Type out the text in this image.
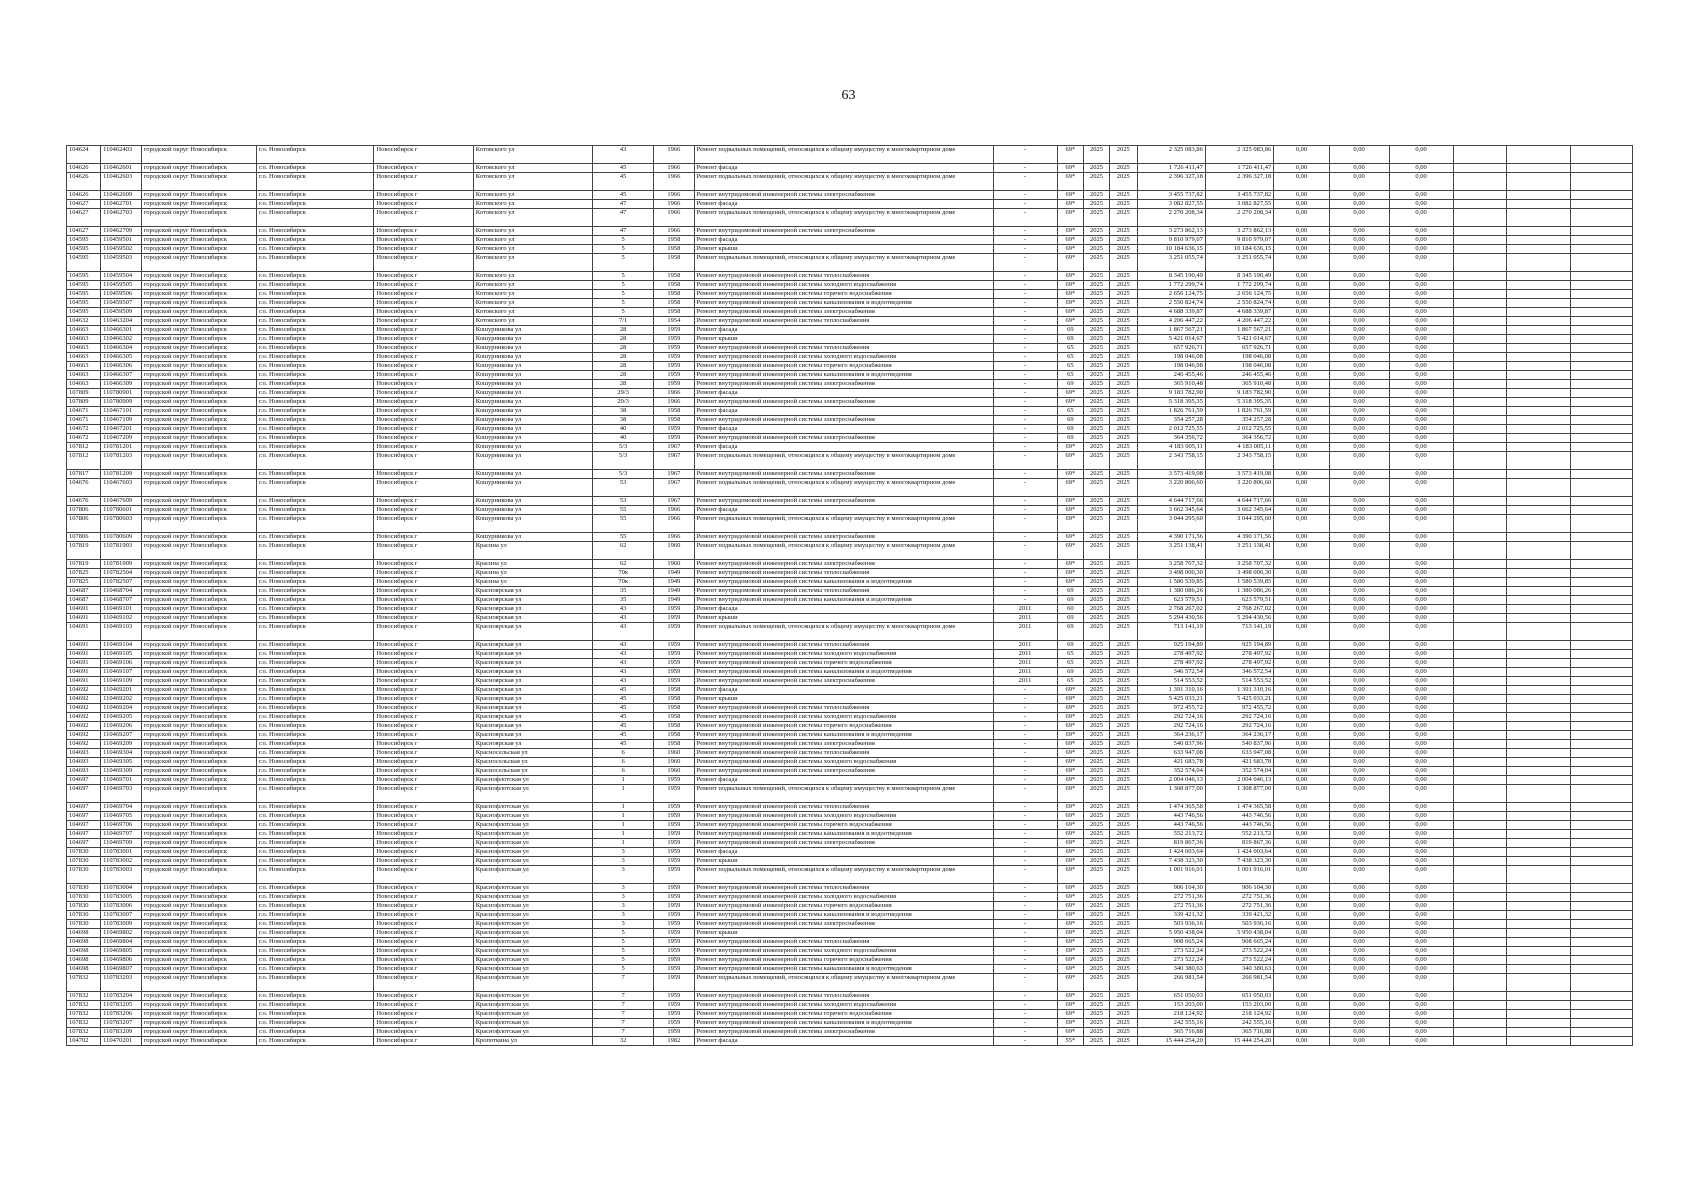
63
104624	110462403	городской округ Новосибирск	г.о. Новосибирск	Новосибирск г	Котовского ул	43	1966	Ремонт подвальных помещений, относящихся к общему имуществу в многоквартирном доме	-	69*	2025	2025	2 325 083,86	2 325 083,86	0,00	0,00	0,00			
104626	110462601	городской округ Новосибирск	г.о. Новосибирск	Новосибирск г	Котовского ул	45	1966	Ремонт фасада	-	69*	2025	2025	1 726 411,47	1 726 411,47	0,00	0,00	0,00			
104626	110462603	городской округ Новосибирск	г.о. Новосибирск	Новосибирск г	Котовского ул	45	1966	Ремонт подвальных помещений, относящихся к общему имуществу в многоквартирном доме	-	69*	2025	2025	2 396 327,18	2 396 327,18	0,00	0,00	0,00			
104626	110462609	городской округ Новосибирск	г.о. Новосибирск	Новосибирск г	Котовского ул	45	1966	Ремонт внутридомовой инженерной системы электроснабжения	-	69*	2025	2025	3 455 737,82	3 455 737,82	0,00	0,00	0,00			
104627	110462701	городской округ Новосибирск	г.о. Новосибирск	Новосибирск г	Котовского ул	47	1966	Ремонт фасада	-	69*	2025	2025	3 082 827,55	3 082 827,55	0,00	0,00	0,00			
104627	110462703	городской округ Новосибирск	г.о. Новосибирск	Новосибирск г	Котовского ул	47	1966	Ремонт подвальных помещений, относящихся к общему имуществу в многоквартирном доме	-	69*	2025	2025	2 270 208,34	2 270 208,34	0,00	0,00	0,00			
104627	110462709	городской округ Новосибирск	г.о. Новосибирск	Новосибирск г	Котовского ул	47	1966	Ремонт внутридомовой инженерной системы электроснабжения	-	69*	2025	2025	3 273 862,13	3 273 862,13	0,00	0,00	0,00			
104595	110459501	городской округ Новосибирск	г.о. Новосибирск	Новосибирск г	Котовского ул	5	1958	Ремонт фасада	-	69*	2025	2025	9 810 979,07	9 810 979,07	0,00	0,00	0,00			
104595	110459502	городской округ Новосибирск	г.о. Новосибирск	Новосибирск г	Котовского ул	5	1958	Ремонт крыши	-	69*	2025	2025	10 184 636,15	10 184 636,15	0,00	0,00	0,00			
104595	110459503	городской округ Новосибирск	г.о. Новосибирск	Новосибирск г	Котовского ул	5	1958	Ремонт подвальных помещений, относящихся к общему имуществу в многоквартирном доме	-	69*	2025	2025	3 251 055,74	3 251 055,74	0,00	0,00	0,00			
104595	110459504	городской округ Новосибирск	г.о. Новосибирск	Новосибирск г	Котовского ул	5	1958	Ремонт внутридомовой инженерной системы теплоснабжения	-	69*	2025	2025	8 345 190,49	8 345 190,49	0,00	0,00	0,00			
104595	110459505	городской округ Новосибирск	г.о. Новосибирск	Новосибирск г	Котовского ул	5	1958	Ремонт внутридомовой инженерной системы холодного водоснабжения	-	69*	2025	2025	1 772 299,74	1 772 299,74	0,00	0,00	0,00			
104595	110459506	городской округ Новосибирск	г.о. Новосибирск	Новосибирск г	Котовского ул	5	1958	Ремонт внутридомовой инженерной системы горячего водоснабжения	-	69*	2025	2025	2 656 124,75	2 656 124,75	0,00	0,00	0,00			
104595	110459507	городской округ Новосибирск	г.о. Новосибирск	Новосибирск г	Котовского ул	5	1958	Ремонт внутридомовой инженерной системы канализования и водоотведения	-	69*	2025	2025	2 550 824,74	2 550 824,74	0,00	0,00	0,00			
104595	110459509	городской округ Новосибирск	г.о. Новосибирск	Новосибирск г	Котовского ул	5	1958	Ремонт внутридомовой инженерной системы электроснабжения	-	69*	2025	2025	4 688 339,87	4 688 339,87	0,00	0,00	0,00			
104632	110463204	городской округ Новосибирск	г.о. Новосибирск	Новосибирск г	Котовского ул	7/1	1954	Ремонт внутридомовой инженерной системы теплоснабжения	-	69*	2025	2025	4 206 447,22	4 206 447,22	0,00	0,00	0,00			
104663	110466301	городской округ Новосибирск	г.о. Новосибирск	Новосибирск г	Кошурникова ул	28	1959	Ремонт фасада	-	69	2025	2025	1 867 567,21	1 867 567,21	0,00	0,00	0,00			
104663	110466302	городской округ Новосибирск	г.о. Новосибирск	Новосибирск г	Кошурникова ул	28	1959	Ремонт крыши	-	69	2025	2025	5 421 014,67	5 421 014,67	0,00	0,00	0,00			
104663	110466304	городской округ Новосибирск	г.о. Новосибирск	Новосибирск г	Кошурникова ул	28	1959	Ремонт внутридомовой инженерной системы теплоснабжения	-	65	2025	2025	657 926,71	657 926,71	0,00	0,00	0,00			
104663	110466305	городской округ Новосибирск	г.о. Новосибирск	Новосибирск г	Кошурникова ул	28	1959	Ремонт внутридомовой инженерной системы холодного водоснабжения	-	65	2025	2025	198 046,08	198 046,08	0,00	0,00	0,00			
104663	110466306	городской округ Новосибирск	г.о. Новосибирск	Новосибирск г	Кошурникова ул	28	1959	Ремонт внутридомовой инженерной системы горячего водоснабжения	-	65	2025	2025	198 046,08	198 046,08	0,00	0,00	0,00			
104663	110466307	городской округ Новосибирск	г.о. Новосибирск	Новосибирск г	Кошурникова ул	28	1959	Ремонт внутридомовой инженерной системы канализования и водоотведения	-	65	2025	2025	246 455,46	246 455,46	0,00	0,00	0,00			
104663	110466309	городской округ Новосибирск	г.о. Новосибирск	Новосибирск г	Кошурникова ул	28	1959	Ремонт внутридомовой инженерной системы электроснабжения	-	69	2025	2025	365 910,48	365 910,48	0,00	0,00	0,00			
107809	110780901	городской округ Новосибирск	г.о. Новосибирск	Новосибирск г	Кошурникова ул	29/3	1966	Ремонт фасада	-	69*	2025	2025	9 183 782,90	9 183 782,90	0,00	0,00	0,00			
107809	110780909	городской округ Новосибирск	г.о. Новосибирск	Новосибирск г	Кошурникова ул	29/3	1966	Ремонт внутридомовой инженерной системы электроснабжения	-	69*	2025	2025	5 318 395,35	5 318 395,35	0,00	0,00	0,00			
104671	110467101	городской округ Новосибирск	г.о. Новосибирск	Новосибирск г	Кошурникова ул	38	1958	Ремонт фасада	-	65	2025	2025	1 826 761,59	1 826 761,59	0,00	0,00	0,00			
104671	110467109	городской округ Новосибирск	г.о. Новосибирск	Новосибирск г	Кошурникова ул	38	1958	Ремонт внутридомовой инженерной системы электроснабжения	-	69	2025	2025	354 257,28	354 257,28	0,00	0,00	0,00			
104672	110467201	городской округ Новосибирск	г.о. Новосибирск	Новосибирск г	Кошурникова ул	40	1959	Ремонт фасада	-	69	2025	2025	2 012 725,55	2 012 725,55	0,00	0,00	0,00			
104672	110467209	городской округ Новосибирск	г.о. Новосибирск	Новосибирск г	Кошурникова ул	40	1959	Ремонт внутридомовой инженерной системы электроснабжения	-	69	2025	2025	364 356,72	364 356,72	0,00	0,00	0,00			
107812	110781201	городской округ Новосибирск	г.о. Новосибирск	Новосибирск г	Кошурникова ул	5/3	1967	Ремонт фасада	-	69*	2025	2025	4 183 005,11	4 183 005,11	0,00	0,00	0,00			
107812	110781203	городской округ Новосибирск	г.о. Новосибирск	Новосибирск г	Кошурникова ул	5/3	1967	Ремонт подвальных помещений, относящихся к общему имуществу в многоквартирном доме	-	69*	2025	2025	2 343 758,15	2 343 758,15	0,00	0,00	0,00			
107817	110781209	городской округ Новосибирск	г.о. Новосибирск	Новосибирск г	Кошурникова ул	5/3	1967	Ремонт внутридомовой инженерной системы электроснабжения	-	69*	2025	2025	3 573 419,08	3 573 419,08	0,00	0,00	0,00			
104676	110467603	городской округ Новосибирск	г.о. Новосибирск	Новосибирск г	Кошурникова ул	53	1967	Ремонт подвальных помещений, относящихся к общему имуществу в многоквартирном доме	-	69*	2025	2025	3 220 806,60	3 220 806,60	0,00	0,00	0,00			
104676	110467609	городской округ Новосибирск	г.о. Новосибирск	Новосибирск г	Кошурникова ул	53	1967	Ремонт внутридомовой инженерной системы электроснабжения	-	69*	2025	2025	4 644 717,66	4 644 717,66	0,00	0,00	0,00			
107806	110780601	городской округ Новосибирск	г.о. Новосибирск	Новосибирск г	Кошурникова ул	55	1966	Ремонт фасада	-	69*	2025	2025	3 662 345,64	3 662 345,64	0,00	0,00	0,00			
107806	110780603	городской округ Новосибирск	г.о. Новосибирск	Новосибирск г	Кошурникова ул	55	1966	Ремонт подвальных помещений, относящихся к общему имуществу в многоквартирном доме	-	69*	2025	2025	3 044 295,60	3 044 295,60	0,00	0,00	0,00			
107806	110780609	городской округ Новосибирск	г.о. Новосибирск	Новосибирск г	Кошурникова ул	55	1966	Ремонт внутридомовой инженерной системы электроснабжения	-	69*	2025	2025	4 390 171,56	4 390 171,56	0,00	0,00	0,00			
107819	110781903	городской округ Новосибирск	г.о. Новосибирск	Новосибирск г	Красина ул	62	1960	Ремонт подвальных помещений, относящихся к общему имуществу в многоквартирном доме	-	69*	2025	2025	3 251 138,41	3 251 138,41	0,00	0,00	0,00			
107819	110781909	городской округ Новосибирск	г.о. Новосибирск	Новосибирск г	Красина ул	62	1960	Ремонт внутридомовой инженерной системы электроснабжения	-	69*	2025	2025	3 258 707,32	3 258 707,32	0,00	0,00	0,00			
107825	110782504	городской округ Новосибирск	г.о. Новосибирск	Новосибирск г	Красина ул	70к	1949	Ремонт внутридомовой инженерной системы теплоснабжения	-	69*	2025	2025	3 498 000,30	3 498 000,30	0,00	0,00	0,00			
107825	110782507	городской округ Новосибирск	г.о. Новосибирск	Новосибирск г	Красина ул	70к	1949	Ремонт внутридомовой инженерной системы канализования и водоотведения	-	69*	2025	2025	1 580 539,85	1 580 539,85	0,00	0,00	0,00			
104687	110468704	городской округ Новосибирск	г.о. Новосибирск	Новосибирск г	Красноярская ул	35	1949	Ремонт внутридомовой инженерной системы теплоснабжения	-	69	2025	2025	1 380 086,26	1 380 086,26	0,00	0,00	0,00			
104687	110468707	городской округ Новосибирск	г.о. Новосибирск	Новосибирск г	Красноярская ул	35	1949	Ремонт внутридомовой инженерной системы канализования и водоотведения	-	69	2025	2025	623 579,51	623 579,51	0,00	0,00	0,00			
104691	110469101	городской округ Новосибирск	г.о. Новосибирск	Новосибирск г	Красноярская ул	43	1959	Ремонт фасада	2011	60	2025	2025	2 768 267,02	2 768 267,02	0,00	0,00	0,00			
104691	110469102	городской округ Новосибирск	г.о. Новосибирск	Новосибирск г	Красноярская ул	43	1959	Ремонт крыши	2011	69	2025	2025	5 294 430,56	5 294 430,56	0,00	0,00	0,00			
104691	110469103	городской округ Новосибирск	г.о. Новосибирск	Новосибирск г	Красноярская ул	43	1959	Ремонт подвальных помещений, относящихся к общему имуществу в многоквартирном доме	2011	69	2025	2025	713 141,19	713 141,19	0,00	0,00	0,00			
104691	110469104	городской округ Новосибирск	г.о. Новосибирск	Новосибирск г	Красноярская ул	43	1959	Ремонт внутридомовой инженерной системы теплоснабжения	2011	69	2025	2025	925 194,89	925 194,89	0,00	0,00	0,00			
104691	110469105	городской округ Новосибирск	г.о. Новосибирск	Новосибирск г	Красноярская ул	43	1959	Ремонт внутридомовой инженерной системы холодного водоснабжения	2011	65	2025	2025	278 497,92	278 497,92	0,00	0,00	0,00			
104691	110469106	городской округ Новосибирск	г.о. Новосибирск	Новосибирск г	Красноярская ул	43	1959	Ремонт внутридомовой инженерной системы горячего водоснабжения	2011	65	2025	2025	278 497,92	278 497,92	0,00	0,00	0,00			
104691	110469107	городской округ Новосибирск	г.о. Новосибирск	Новосибирск г	Красноярская ул	43	1959	Ремонт внутридомовой инженерной системы канализования и водоотведения	2011	69	2025	2025	346 572,54	346 572,54	0,00	0,00	0,00			
104691	110469109	городской округ Новосибирск	г.о. Новосибирск	Новосибирск г	Красноярская ул	43	1959	Ремонт внутридомовой инженерной системы электроснабжения	2011	65	2025	2025	514 553,52	514 553,52	0,00	0,00	0,00			
104692	110469201	городской округ Новосибирск	г.о. Новосибирск	Новосибирск г	Красноярская ул	45	1958	Ремонт фасада	-	69*	2025	2025	1 391 310,16	1 391 310,16	0,00	0,00	0,00			
104692	110469202	городской округ Новосибирск	г.о. Новосибирск	Новосибирск г	Красноярская ул	45	1958	Ремонт крыши	-	69*	2025	2025	5 425 033,21	5 425 033,21	0,00	0,00	0,00			
104692	110469204	городской округ Новосибирск	г.о. Новосибирск	Новосибирск г	Красноярская ул	45	1958	Ремонт внутридомовой инженерной системы теплоснабжения	-	69*	2025	2025	972 455,72	972 455,72	0,00	0,00	0,00			
104692	110469205	городской округ Новосибирск	г.о. Новосибирск	Новосибирск г	Красноярская ул	45	1958	Ремонт внутридомовой инженерной системы холодного водоснабжения	-	69*	2025	2025	292 724,16	292 724,16	0,00	0,00	0,00			
104692	110469206	городской округ Новосибирск	г.о. Новосибирск	Новосибирск г	Красноярская ул	45	1958	Ремонт внутридомовой инженерной системы горячего водоснабжения	-	69*	2025	2025	292 724,16	292 724,16	0,00	0,00	0,00			
104692	110469207	городской округ Новосибирск	г.о. Новосибирск	Новосибирск г	Красноярская ул	45	1958	Ремонт внутридомовой инженерной системы канализования и водоотведения	-	69*	2025	2025	364 236,17	364 236,17	0,00	0,00	0,00			
104692	110469209	городской округ Новосибирск	г.о. Новосибирск	Новосибирск г	Красноярская ул	45	1958	Ремонт внутридомовой инженерной системы электроснабжения	-	69*	2025	2025	540 837,96	540 837,96	0,00	0,00	0,00			
104693	110469304	городской округ Новосибирск	г.о. Новосибирск	Новосибирск г	Красносельская ул	6	1960	Ремонт внутридомовой инженерной системы теплоснабжения	-	69*	2025	2025	633 947,08	633 947,08	0,00	0,00	0,00			
104693	110469305	городской округ Новосибирск	г.о. Новосибирск	Новосибирск г	Красносельская ул	6	1960	Ремонт внутридомовой инженерной системы холодного водоснабжения	-	69*	2025	2025	421 683,78	421 683,78	0,00	0,00	0,00			
104693	110469309	городской округ Новосибирск	г.о. Новосибирск	Новосибирск г	Красносельская ул	6	1960	Ремонт внутридомовой инженерной системы электроснабжения	-	69*	2025	2025	352 574,04	352 574,04	0,00	0,00	0,00			
104697	110469701	городской округ Новосибирск	г.о. Новосибирск	Новосибирск г	Краснофлотская ул	1	1959	Ремонт фасада	-	69*	2025	2025	2 004 046,13	2 004 046,13	0,00	0,00	0,00			
104697	110469703	городской округ Новосибирск	г.о. Новосибирск	Новосибирск г	Краснофлотская ул	1	1959	Ремонт подвальных помещений, относящихся к общему имуществу в многоквартирном доме	-	69*	2025	2025	1 308 877,00	1 308 877,00	0,00	0,00	0,00			
104697	110469704	городской округ Новосибирск	г.о. Новосибирск	Новосибирск г	Краснофлотская ул	1	1959	Ремонт внутридомовой инженерной системы теплоснабжения	-	69*	2025	2025	1 474 365,58	1 474 365,58	0,00	0,00	0,00			
104697	110469705	городской округ Новосибирск	г.о. Новосибирск	Новосибирск г	Краснофлотская ул	1	1959	Ремонт внутридомовой инженерной системы холодного водоснабжения	-	69*	2025	2025	443 746,56	443 746,56	0,00	0,00	0,00			
104697	110469706	городской округ Новосибирск	г.о. Новосибирск	Новосибирск г	Краснофлотская ул	1	1959	Ремонт внутридомовой инженерной системы горячего водоснабжения	-	69*	2025	2025	443 746,56	443 746,56	0,00	0,00	0,00			
104697	110469707	городской округ Новосибирск	г.о. Новосибирск	Новосибирск г	Краснофлотская ул	1	1959	Ремонт внутридомовой инженерной системы канализования и водоотведения	-	69*	2025	2025	552 213,72	552 213,72	0,00	0,00	0,00			
104697	110469709	городской округ Новосибирск	г.о. Новосибирск	Новосибирск г	Краснофлотская ул	1	1959	Ремонт внутридомовой инженерной системы электроснабжения	-	69*	2025	2025	819 867,36	819 867,36	0,00	0,00	0,00			
107830	110783001	городской округ Новосибирск	г.о. Новосибирск	Новосибирск г	Краснофлотская ул	3	1959	Ремонт фасада	-	69*	2025	2025	1 424 003,64	1 424 003,64	0,00	0,00	0,00			
107830	110783002	городской округ Новосибирск	г.о. Новосибирск	Новосибирск г	Краснофлотская ул	3	1959	Ремонт крыши	-	69*	2025	2025	7 438 323,30	7 438 323,30	0,00	0,00	0,00			
107830	110783003	городской округ Новосибирск	г.о. Новосибирск	Новосибирск г	Краснофлотская ул	3	1959	Ремонт подвальных помещений, относящихся к общему имуществу в многоквартирном доме	-	69*	2025	2025	1 001 916,01	1 001 916,01	0,00	0,00	0,00			
107830	110783004	городской округ Новосибирск	г.о. Новосибирск	Новосибирск г	Краснофлотская ул	3	1959	Ремонт внутридомовой инженерной системы теплоснабжения	-	69*	2025	2025	906 104,30	906 104,30	0,00	0,00	0,00			
107830	110783005	городской округ Новосибирск	г.о. Новосибирск	Новосибирск г	Краснофлотская ул	3	1959	Ремонт внутридомовой инженерной системы холодного водоснабжения	-	69*	2025	2025	272 751,36	272 751,36	0,00	0,00	0,00			
107830	110783006	городской округ Новосибирск	г.о. Новосибирск	Новосибирск г	Краснофлотская ул	3	1959	Ремонт внутридомовой инженерной системы горячего водоснабжения	-	69*	2025	2025	272 751,36	272 751,36	0,00	0,00	0,00			
107830	110783007	городской округ Новосибирск	г.о. Новосибирск	Новосибирск г	Краснофлотская ул	3	1959	Ремонт внутридомовой инженерной системы канализования и водоотведения	-	69*	2025	2025	339 421,32	339 421,32	0,00	0,00	0,00			
107830	110783009	городской округ Новосибирск	г.о. Новосибирск	Новосибирск г	Краснофлотская ул	3	1959	Ремонт внутридомовой инженерной системы электроснабжения	-	69*	2025	2025	503 936,16	503 936,16	0,00	0,00	0,00			
104698	110469802	городской округ Новосибирск	г.о. Новосибирск	Новосибирск г	Краснофлотская ул	5	1959	Ремонт крыши	-	69*	2025	2025	5 950 438,04	5 950 438,04	0,00	0,00	0,00			
104698	110469804	городской округ Новосибирск	г.о. Новосибирск	Новосибирск г	Краснофлотская ул	5	1959	Ремонт внутридомовой инженерной системы теплоснабжения	-	69*	2025	2025	908 665,24	908 665,24	0,00	0,00	0,00			
104698	110469805	городской округ Новосибирск	г.о. Новосибирск	Новосибирск г	Краснофлотская ул	5	1959	Ремонт внутридомовой инженерной системы холодного водоснабжения	-	69*	2025	2025	273 522,24	273 522,24	0,00	0,00	0,00			
104698	110469806	городской округ Новосибирск	г.о. Новосибирск	Новосибирск г	Краснофлотская ул	5	1959	Ремонт внутридомовой инженерной системы горячего водоснабжения	-	69*	2025	2025	273 522,24	273 522,24	0,00	0,00	0,00			
104698	110469807	городской округ Новосибирск	г.о. Новосибирск	Новосибирск г	Краснофлотская ул	5	1959	Ремонт внутридомовой инженерной системы канализования и водоотведения	-	69*	2025	2025	340 380,63	340 380,63	0,00	0,00	0,00			
107832	110783203	городской округ Новосибирск	г.о. Новосибирск	Новосибирск г	Краснофлотская ул	7	1959	Ремонт подвальных помещений, относящихся к общему имуществу в многоквартирном доме	-	69*	2025	2025	266 981,54	266 981,54	0,00	0,00	0,00			
107832	110783204	городской округ Новосибирск	г.о. Новосибирск	Новосибирск г	Краснофлотская ул	7	1959	Ремонт внутридомовой инженерной системы теплоснабжения	-	69*	2025	2025	651 050,03	651 050,03	0,00	0,00	0,00			
107832	110783205	городской округ Новосибирск	г.о. Новосибирск	Новосибирск г	Краснофлотская ул	7	1959	Ремонт внутридомовой инженерной системы холодного водоснабжения	-	69*	2025	2025	153 203,00	153 203,00	0,00	0,00	0,00			
107832	110783206	городской округ Новосибирск	г.о. Новосибирск	Новосибирск г	Краснофлотская ул	7	1959	Ремонт внутридомовой инженерной системы горячего водоснабжения	-	69*	2025	2025	218 124,92	218 124,92	0,00	0,00	0,00			
107832	110783207	городской округ Новосибирск	г.о. Новосибирск	Новосибирск г	Краснофлотская ул	7	1959	Ремонт внутридомовой инженерной системы канализования и водоотведения	-	69*	2025	2025	242 555,16	242 555,16	0,00	0,00	0,00			
107832	110783209	городской округ Новосибирск	г.о. Новосибирск	Новосибирск г	Краснофлотская ул	7	1959	Ремонт внутридомовой инженерной системы электроснабжения	-	69*	2025	2025	365 716,88	365 716,88	0,00	0,00	0,00			
104702	110470201	городской округ Новосибирск	г.о. Новосибирск	Новосибирск г	Кропоткина ул	32	1982	Ремонт фасада	-	55*	2025	2025	15 444 254,20	15 444 254,20	0,00	0,00	0,00			
